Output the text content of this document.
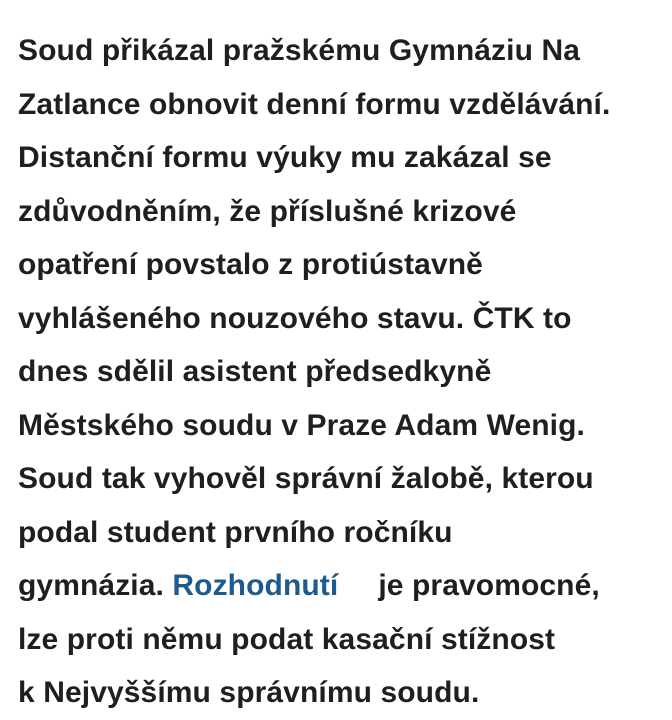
Soud přikázal pražskému Gymnáziu Na
Zatlance obnovit denní formu vzdělávání.
Distanční formu výuky mu zakázal se
zdůvodněním, že příslušné krizové
opatření povstalo z protiústavně
vyhlášeného nouzového stavu. ČTK to
dnes sdělil asistent předsedkyně
Městského soudu v Praze Adam Wenig.
Soud tak vyhověl správní žalobě, kterou
podal student prvního ročníku
gymnázia. Rozhodnutí je pravomocné,
lze proti němu podat kasační stížnost
k Nejvyššímu správnímu soudu.
